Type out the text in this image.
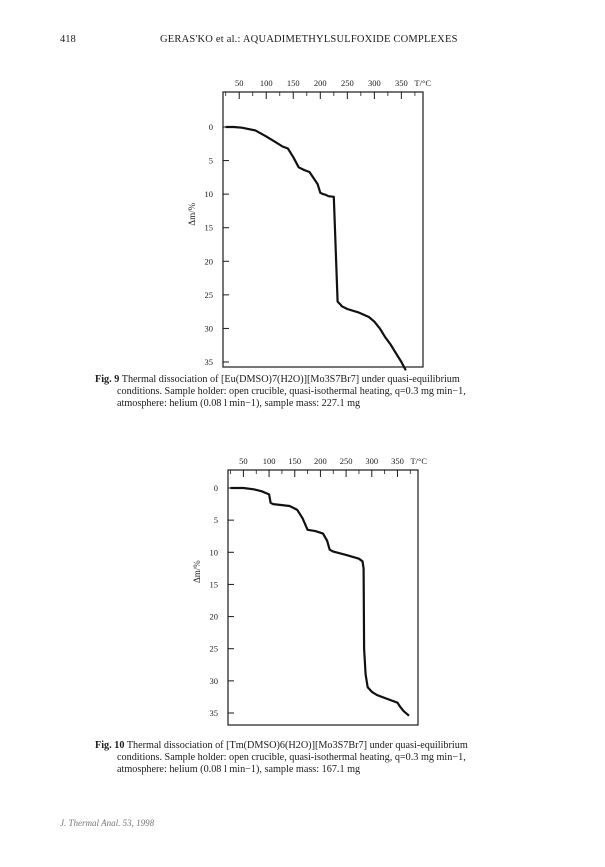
418	GERAS'KO et al.: AQUADIMETHYLSULFOXIDE COMPLEXES
50 100 150 200 250 300 350 T/°C
0
5
10
15
20
25
30
35
Δm/%
Fig. 9 Thermal dissociation of [Eu(DMSO)7(H2O)][Mo3S7Br7] under quasi-equilibrium
conditions. Sample holder: open crucible, quasi-isothermal heating, q=0.3 mg min−1,
atmosphere: helium (0.08 l min−1), sample mass: 227.1 mg
50 100 150 200 250 300 350 T/°C
0
5
10
15
20
25
30
35
Δm/%
Fig. 10 Thermal dissociation of [Tm(DMSO)6(H2O)][Mo3S7Br7] under quasi-equilibrium
conditions. Sample holder: open crucible, quasi-isothermal heating, q=0.3 mg min−1,
atmosphere: helium (0.08 l min−1), sample mass: 167.1 mg
J. Thermal Anal. 53, 1998
